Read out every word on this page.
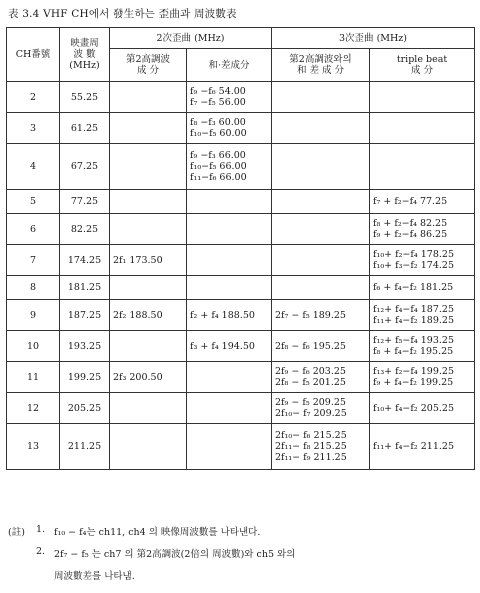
表 3.4 VHF CH에서 發生하는 歪曲과 周波數表
CH番號	映畫周
波 數
(MHz)	2次歪曲 (MHz)		3次歪曲 (MHz)	

		第2高調波
成 分	和·差成分	第2高調波와의
和 差 成 分	triple beat
成 分

2	55.25		f₉ −f₆ 54.00
f₇ −f₅ 56.00		

3	61.25		f₈ −f₃ 60.00
f₁₀−f₅ 60.00		

4	67.25		f₉ −f₃ 66.00
f₁₀−f₅ 66.00
f₁₁−f₆ 66.00		

5	77.25				f₇ + f₂−f₄ 77.25

6	82.25				f₈ + f₂−f₄ 82.25
f₉ + f₂−f₄ 86.25

7	174.25	2f₁ 173.50			f₁₀+ f₂−f₄ 178.25
f₁₀+ f₃−f₂ 174.25

8	181.25				f₆ + f₄−f₂ 181.25

9	187.25	2f₂ 188.50	f₂ + f₄ 188.50	2f₇ − f₅ 189.25	f₁₂+ f₄−f₄ 187.25
f₁₁+ f₄−f₂ 189.25

10	193.25		f₃ + f₄ 194.50	2f₈ − f₆ 195.25	f₁₂+ f₅−f₄ 193.25
f₈ + f₄−f₂ 195.25

11	199.25	2f₃ 200.50		2f₉ − f₆ 203.25
2f₈ − f₅ 201.25	f₁₃+ f₂−f₄ 199.25
f₉ + f₄−f₂ 199.25

12	205.25			2f₉ − f₅ 209.25
2f₁₀− f₇ 209.25	f₁₀+ f₄−f₂ 205.25

13	211.25			2f₁₀− f₆ 215.25
2f₁₁− f₈ 215.25
2f₁₁− f₉ 211.25	f₁₁+ f₄−f₂ 211.25
(註) 1. f₁₀ − f₄는 ch11, ch4 의 映像周波數를 나타낸다.
2. 2f₇ − f₅ 는 ch7 의 第2高調波(2倍의 周波數)와 ch5 와의
周波數差를 나타냄.
